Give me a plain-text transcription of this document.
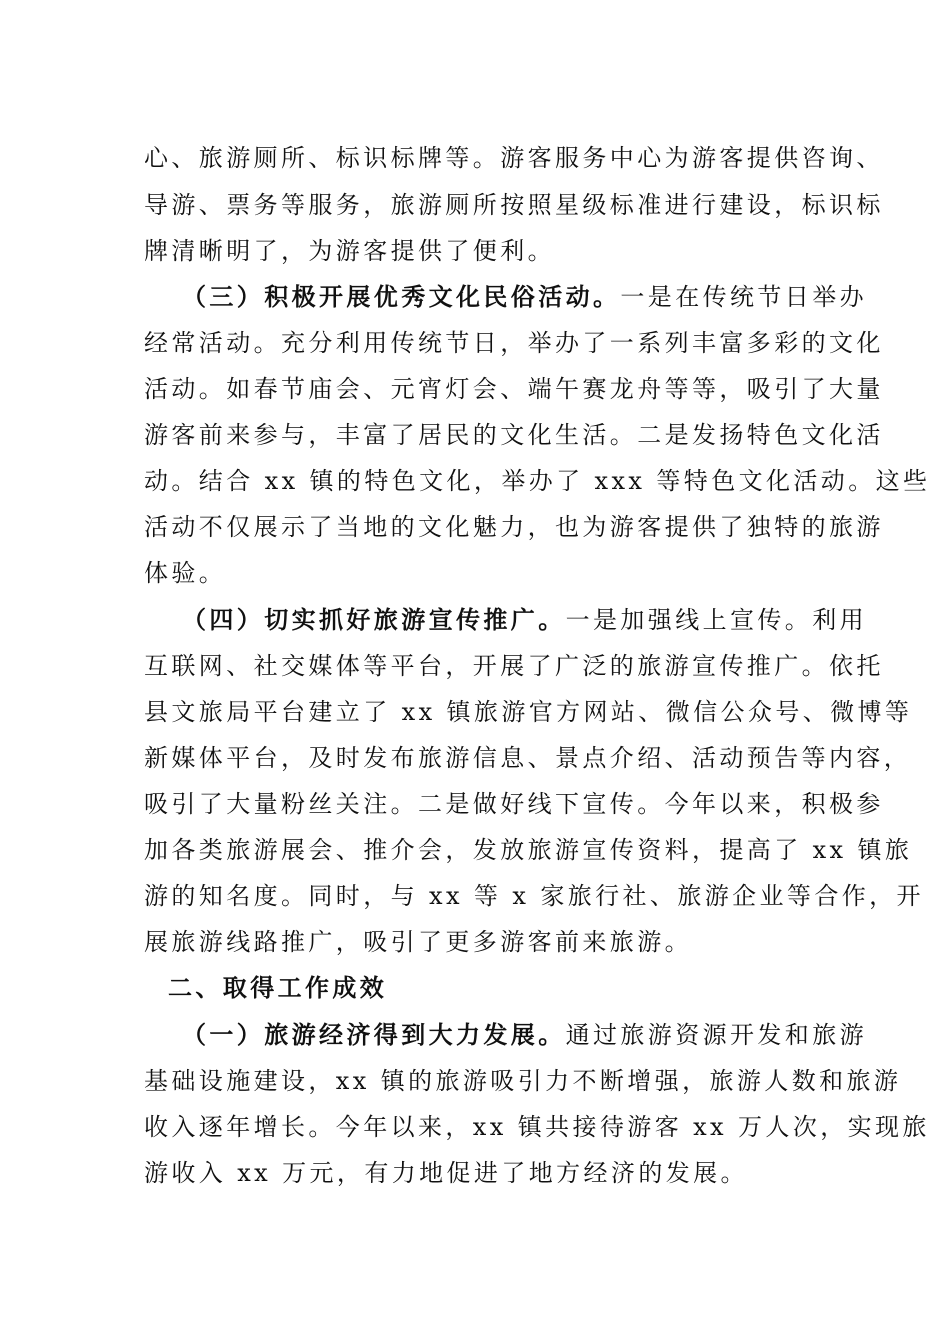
心、旅游厕所、标识标牌等。游客服务中心为游客提供咨询、
导游、票务等服务，旅游厕所按照星级标准进行建设，标识标
牌清晰明了，为游客提供了便利。
（三）积极开展优秀文化民俗活动。一是在传统节日举办
经常活动。充分利用传统节日，举办了一系列丰富多彩的文化
活动。如春节庙会、元宵灯会、端午赛龙舟等等，吸引了大量
游客前来参与，丰富了居民的文化生活。二是发扬特色文化活
动。结合 xx 镇的特色文化，举办了 xxx 等特色文化活动。这些
活动不仅展示了当地的文化魅力，也为游客提供了独特的旅游
体验。
（四）切实抓好旅游宣传推广。一是加强线上宣传。利用
互联网、社交媒体等平台，开展了广泛的旅游宣传推广。依托
县文旅局平台建立了 xx 镇旅游官方网站、微信公众号、微博等
新媒体平台，及时发布旅游信息、景点介绍、活动预告等内容，
吸引了大量粉丝关注。二是做好线下宣传。今年以来，积极参
加各类旅游展会、推介会，发放旅游宣传资料，提高了 xx 镇旅
游的知名度。同时，与 xx 等 x 家旅行社、旅游企业等合作，开
展旅游线路推广，吸引了更多游客前来旅游。
二、取得工作成效
（一）旅游经济得到大力发展。通过旅游资源开发和旅游
基础设施建设，xx 镇的旅游吸引力不断增强，旅游人数和旅游
收入逐年增长。今年以来，xx 镇共接待游客 xx 万人次，实现旅
游收入 xx 万元，有力地促进了地方经济的发展。
